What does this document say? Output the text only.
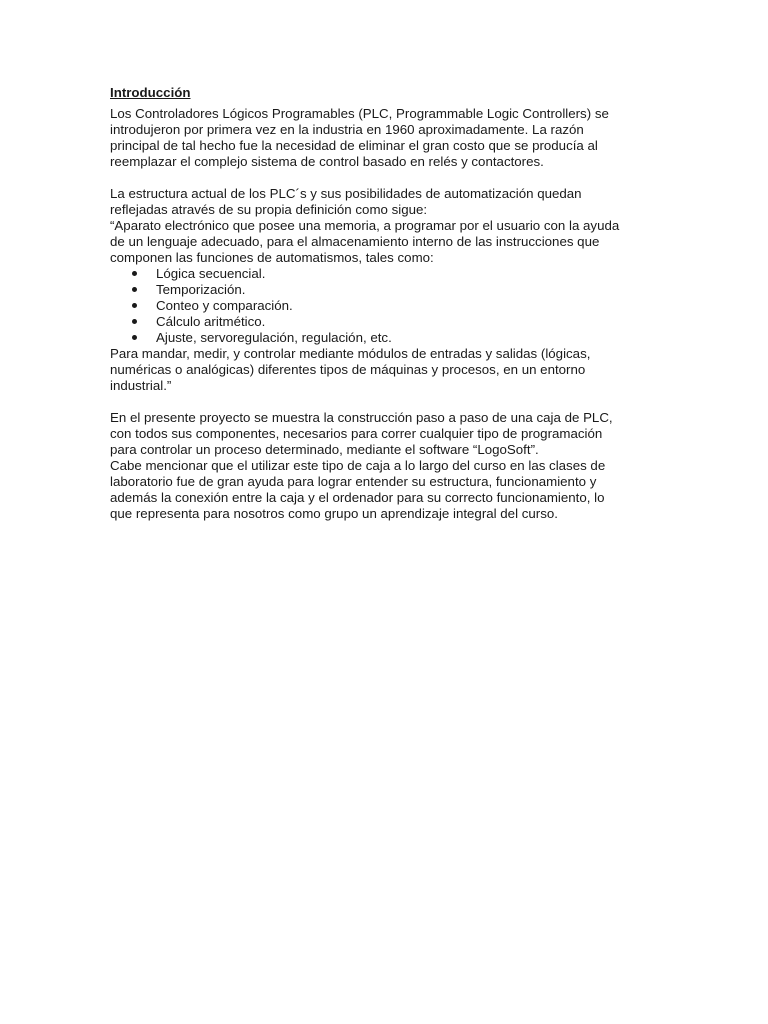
Introducción
Los Controladores Lógicos Programables (PLC, Programmable Logic Controllers) se
introdujeron por primera vez en la industria en 1960 aproximadamente. La razón
principal de tal hecho fue la necesidad de eliminar el gran costo que se producía al
reemplazar el complejo sistema de control basado en relés y contactores.
La estructura actual de los PLC´s y sus posibilidades de automatización quedan
reflejadas através de su propia definición como sigue:
“Aparato electrónico que posee una memoria, a programar por el usuario con la ayuda
de un lenguaje adecuado, para el almacenamiento interno de las instrucciones que
componen las funciones de automatismos, tales como:
Lógica secuencial.
Temporización.
Conteo y comparación.
Cálculo aritmético.
Ajuste, servoregulación, regulación, etc.
Para mandar, medir, y controlar mediante módulos de entradas y salidas (lógicas,
numéricas o analógicas) diferentes tipos de máquinas y procesos, en un entorno
industrial.”
En el presente proyecto se muestra la construcción paso a paso de una caja de PLC,
con todos sus componentes, necesarios para correr cualquier tipo de programación
para controlar un proceso determinado, mediante el software “LogoSoft”.
Cabe mencionar que el utilizar este tipo de caja a lo largo del curso en las clases de
laboratorio fue de gran ayuda para lograr entender su estructura, funcionamiento y
además la conexión entre la caja y el ordenador para su correcto funcionamiento, lo
que representa para nosotros como grupo un aprendizaje integral del curso.
